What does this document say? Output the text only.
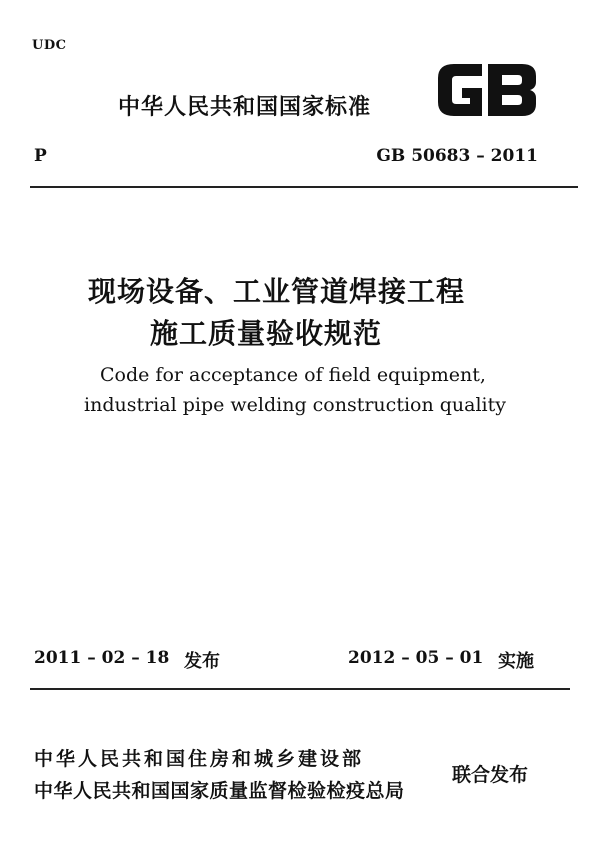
UDC
中华人民共和国国家标准
P	GB 50683 – 2011
现场设备、工业管道焊接工程
施工质量验收规范
Code for acceptance of field equipment,
industrial pipe welding construction quality
2011 – 02 – 18 发布	2012 – 05 – 01 实施
中华人民共和国住房和城乡建设部
中华人民共和国国家质量监督检验检疫总局
联合发布
